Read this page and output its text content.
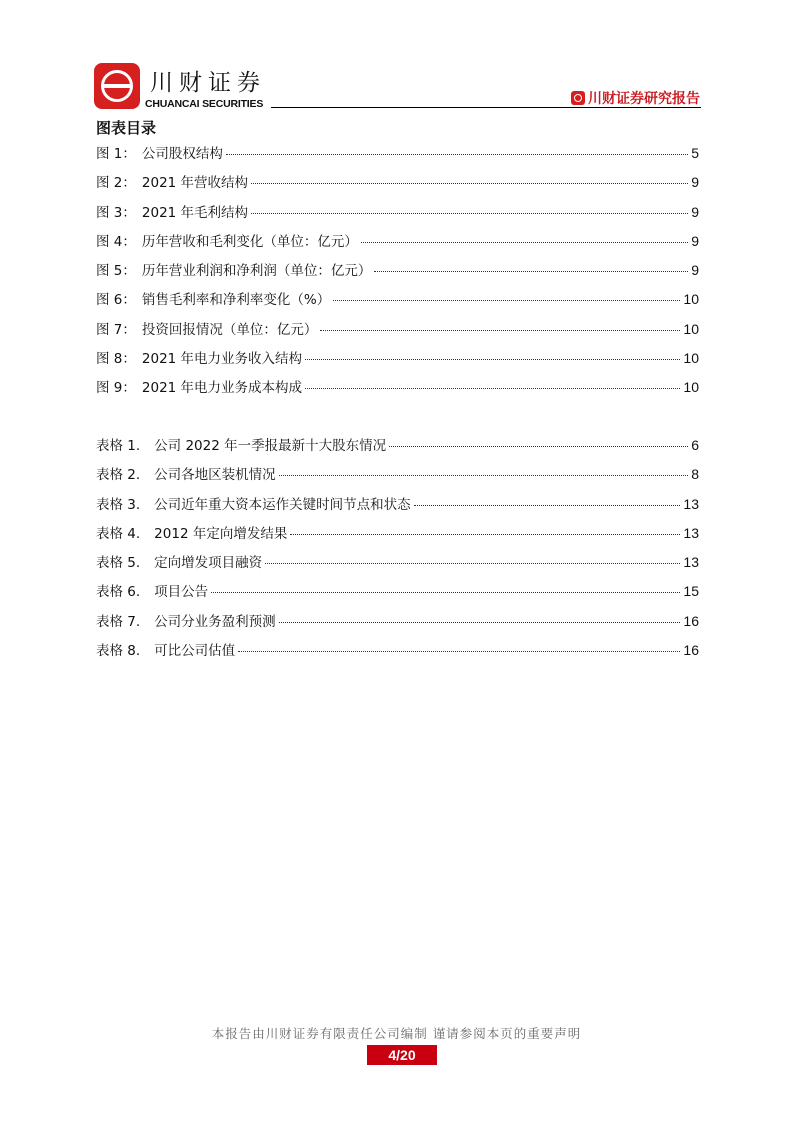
川财证券
CHUANCAI SECURITIES	川财证券研究报告
图表目录
图 1： 公司股权结构	5
图 2： 2021 年营收结构	9
图 3： 2021 年毛利结构	9
图 4： 历年营收和毛利变化（单位：亿元）	9
图 5： 历年营业利润和净利润（单位：亿元）	9
图 6： 销售毛利率和净利率变化（%）	10
图 7： 投资回报情况（单位：亿元）	10
图 8： 2021 年电力业务收入结构	10
图 9： 2021 年电力业务成本构成	10
表格 1. 公司 2022 年一季报最新十大股东情况	6
表格 2. 公司各地区装机情况	8
表格 3. 公司近年重大资本运作关键时间节点和状态	13
表格 4. 2012 年定向增发结果	13
表格 5. 定向增发项目融资	13
表格 6. 项目公告	15
表格 7. 公司分业务盈利预测	16
表格 8. 可比公司估值	16
本报告由川财证券有限责任公司编制 谨请参阅本页的重要声明
4/20
